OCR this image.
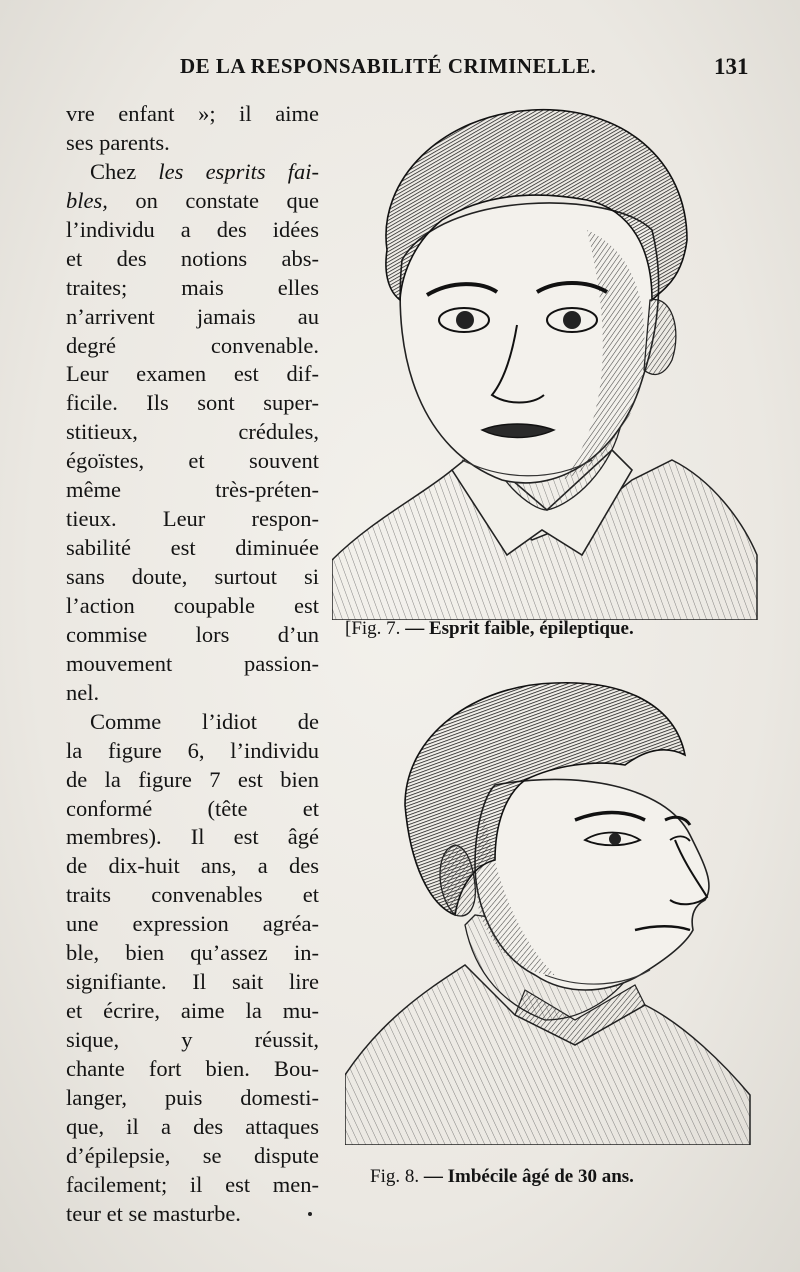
DE LA RESPONSABILITÉ CRIMINELLE.	131
vre enfant »; il aime
ses parents.
Chez les esprits fai-
bles, on constate que
l’individu a des idées
et des notions abs-
traites; mais elles
n’arrivent jamais au
degré convenable.
Leur examen est dif-
ficile. Ils sont super-
stitieux, crédules,
égoïstes, et souvent
même très-préten-
tieux. Leur respon-
sabilité est diminuée
sans doute, surtout si
l’action coupable est
commise lors d’un
mouvement passion-
nel.
Comme l’idiot de
la figure 6, l’individu
de la figure 7 est bien
conformé (tête et
membres). Il est âgé
de dix-huit ans, a des
traits convenables et
une expression agréa-
ble, bien qu’assez in-
signifiante. Il sait lire
et écrire, aime la mu-
sique, y réussit,
chante fort bien. Bou-
langer, puis domesti-
que, il a des attaques
d’épilepsie, se dispute
facilement; il est men-
teur et se masturbe.
[Fig. 7. — Esprit faible, épileptique.
Fig. 8. — Imbécile âgé de 30 ans.
